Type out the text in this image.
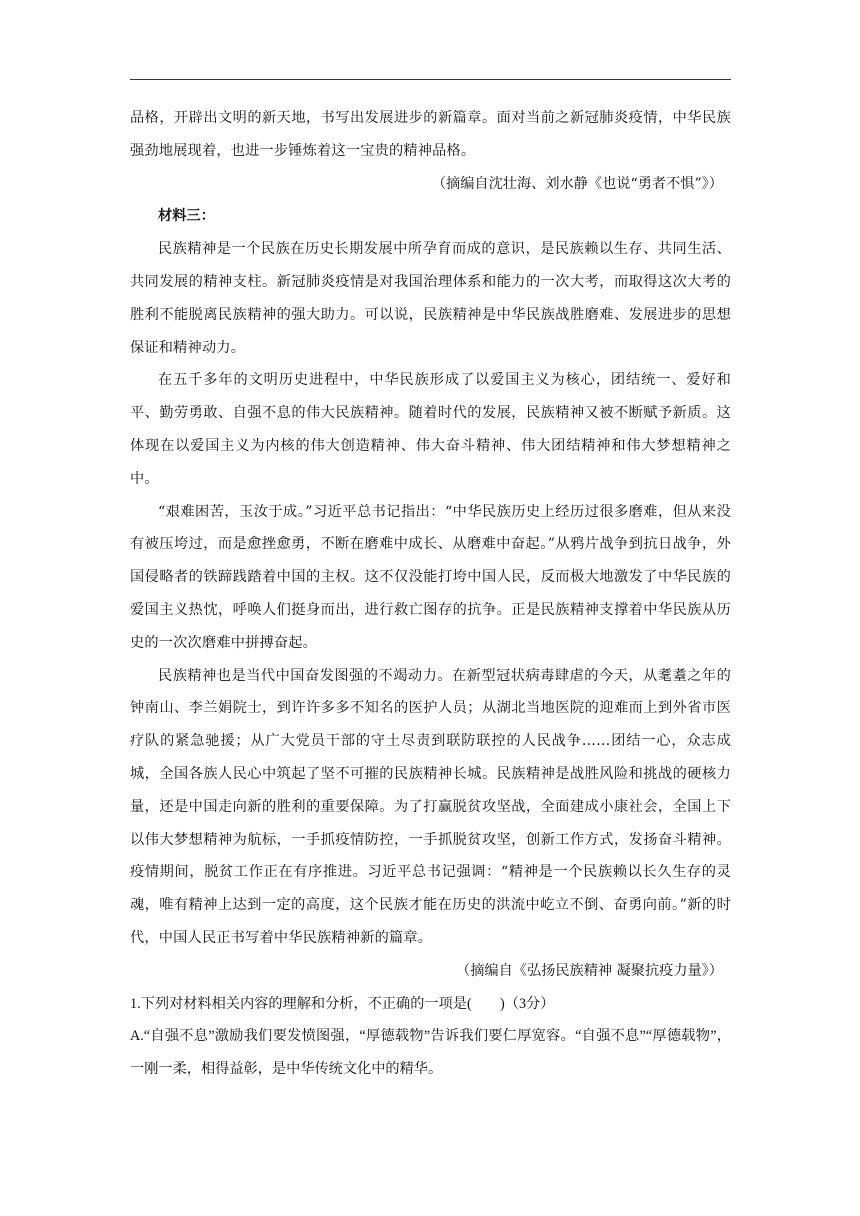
品格，开辟出文明的新天地，书写出发展进步的新篇章。面对当前之新冠肺炎疫情，中华民族强劲地展现着，也进一步锤炼着这一宝贵的精神品格。

（摘编自沈壮海、刘水静《也说“勇者不惧”》）

材料三：

民族精神是一个民族在历史长期发展中所孕育而成的意识，是民族赖以生存、共同生活、共同发展的精神支柱。新冠肺炎疫情是对我国治理体系和能力的一次大考，而取得这次大考的胜利不能脱离民族精神的强大助力。可以说，民族精神是中华民族战胜磨难、发展进步的思想保证和精神动力。

在五千多年的文明历史进程中，中华民族形成了以爱国主义为核心，团结统一、爱好和平、勤劳勇敢、自强不息的伟大民族精神。随着时代的发展，民族精神又被不断赋予新质。这体现在以爱国主义为内核的伟大创造精神、伟大奋斗精神、伟大团结精神和伟大梦想精神之中。

“艰难困苦，玉汝于成。”习近平总书记指出：“中华民族历史上经历过很多磨难，但从来没有被压垮过，而是愈挫愈勇，不断在磨难中成长、从磨难中奋起。”从鸦片战争到抗日战争，外国侵略者的铁蹄践踏着中国的主权。这不仅没能打垮中国人民，反而极大地激发了中华民族的爱国主义热忱，呼唤人们挺身而出，进行救亡图存的抗争。正是民族精神支撑着中华民族从历史的一次次磨难中拼搏奋起。

民族精神也是当代中国奋发图强的不竭动力。在新型冠状病毒肆虐的今天，从耄耋之年的钟南山、李兰娟院士，到许许多多不知名的医护人员；从湖北当地医院的迎难而上到外省市医疗队的紧急驰援；从广大党员干部的守土尽责到联防联控的人民战争……团结一心，众志成城，全国各族人民心中筑起了坚不可摧的民族精神长城。民族精神是战胜风险和挑战的硬核力量，还是中国走向新的胜利的重要保障。为了打赢脱贫攻坚战，全面建成小康社会，全国上下以伟大梦想精神为航标，一手抓疫情防控，一手抓脱贫攻坚，创新工作方式，发扬奋斗精神。疫情期间，脱贫工作正在有序推进。习近平总书记强调：“精神是一个民族赖以长久生存的灵魂，唯有精神上达到一定的高度，这个民族才能在历史的洪流中屹立不倒、奋勇向前。”新的时代，中国人民正书写着中华民族精神新的篇章。

（摘编自《弘扬民族精神 凝聚抗疫力量》）

1.下列对材料相关内容的理解和分析，不正确的一项是(　　)（3分）

A.“自强不息”激励我们要发愤图强，“厚德载物”告诉我们要仁厚宽容。“自强不息”“厚德载物”，一刚一柔，相得益彰，是中华传统文化中的精华。
